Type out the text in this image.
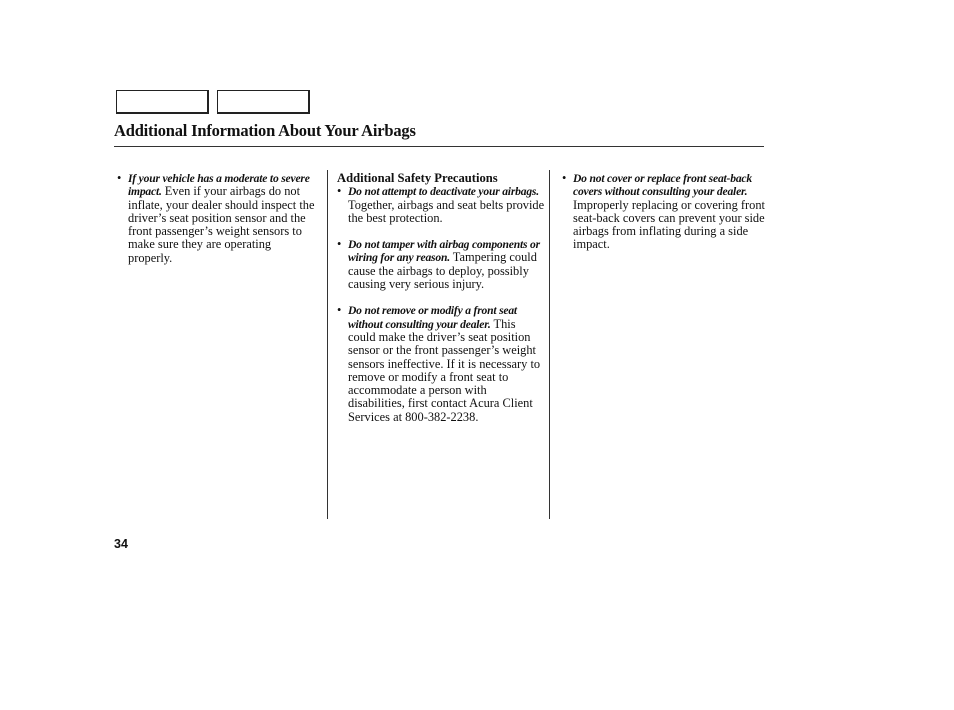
Additional Information About Your Airbags
• If your vehicle has a moderate to severe impact. Even if your airbags do not inflate, your dealer should inspect the driver’s seat position sensor and the front passenger’s weight sensors to make sure they are operating properly.

Additional Safety Precautions

• Do not attempt to deactivate your airbags. Together, airbags and seat belts provide the best protection.
• Do not tamper with airbag components or wiring for any reason. Tampering could cause the airbags to deploy, possibly causing very serious injury.
• Do not remove or modify a front seat without consulting your dealer. This could make the driver’s seat position sensor or the front passenger’s weight sensors ineffective. If it is necessary to remove or modify a front seat to accommodate a person with disabilities, first contact Acura Client Services at 800-382-2238.
• Do not cover or replace front seat-back covers without consulting your dealer. Improperly replacing or covering front seat-back covers can prevent your side airbags from inflating during a side impact.
34
